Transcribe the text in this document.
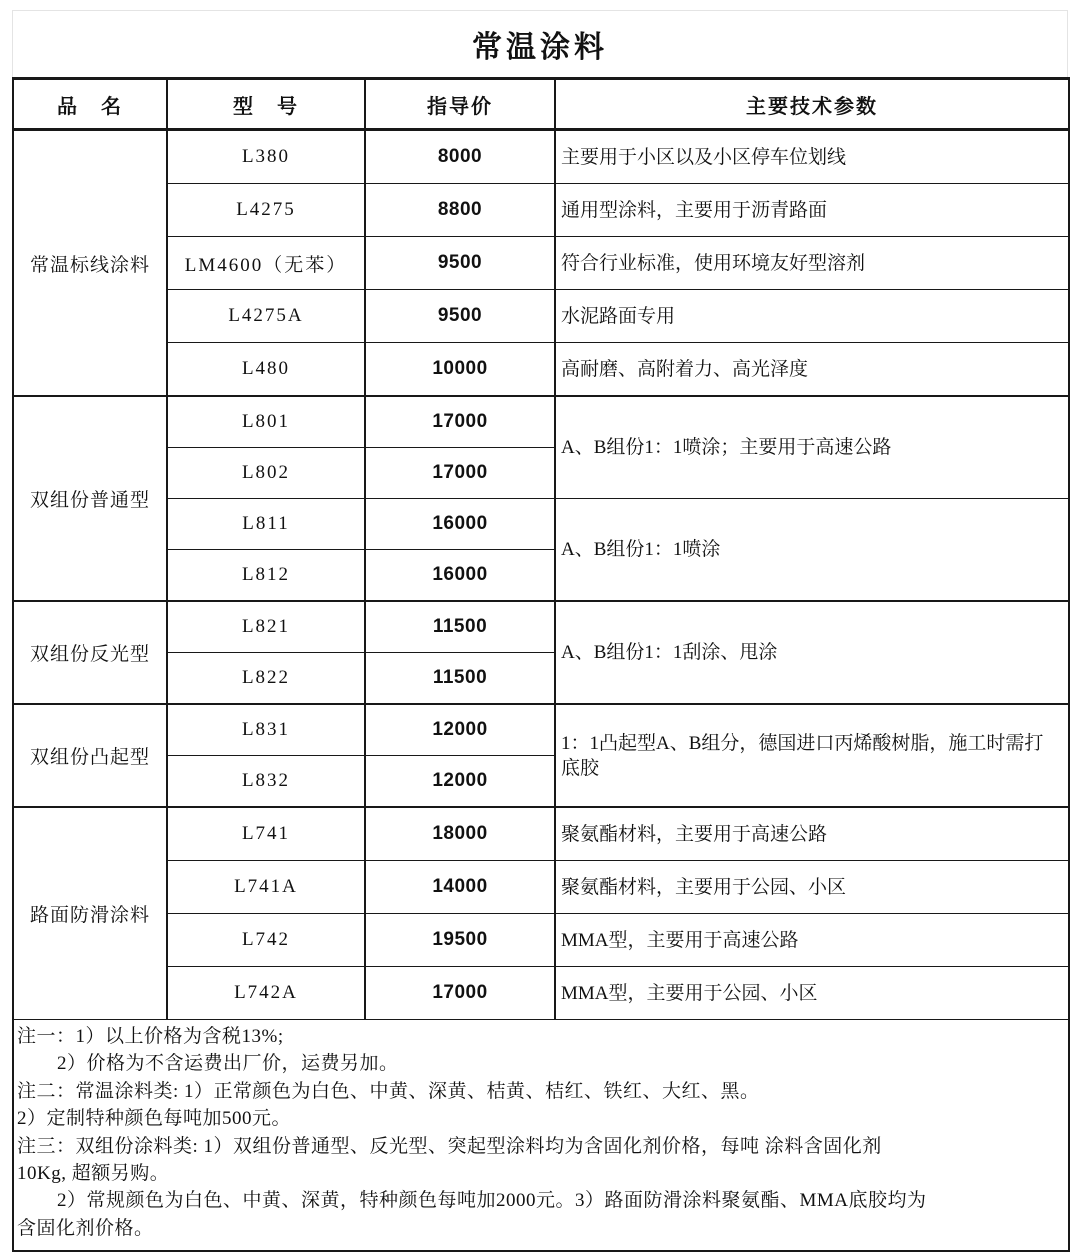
常温涂料
品　名	型　号	指导价	主要技术参数
常温标线涂料	L380	8000	主要用于小区以及小区停车位划线
	L4275	8800	通用型涂料，主要用于沥青路面
	LM4600（无苯）	9500	符合行业标准，使用环境友好型溶剂
	L4275A	9500	水泥路面专用
	L480	10000	高耐磨、高附着力、高光泽度
双组份普通型	L801	17000	A、B组份1：1喷涂；主要用于高速公路
	L802	17000	
	L811	16000	A、B组份1：1喷涂
	L812	16000	
双组份反光型	L821	11500	A、B组份1：1刮涂、甩涂
	L822	11500	
双组份凸起型	L831	12000	1：1凸起型A、B组分，德国进口丙烯酸树脂，施工时需打底胶
	L832	12000	
路面防滑涂料	L741	18000	聚氨酯材料，主要用于高速公路
	L741A	14000	聚氨酯材料，主要用于公园、小区
	L742	19500	MMA型，主要用于高速公路
	L742A	17000	MMA型，主要用于公园、小区

注一：1）以上价格为含税13%;
2）价格为不含运费出厂价，运费另加。
注二：常温涂料类: 1）正常颜色为白色、中黄、深黄、桔黄、桔红、铁红、大红、黑。
2）定制特种颜色每吨加500元。
注三：双组份涂料类: 1）双组份普通型、反光型、突起型涂料均为含固化剂价格，每吨 涂料含固化剂
10Kg, 超额另购。
2）常规颜色为白色、中黄、深黄，特种颜色每吨加2000元。3）路面防滑涂料聚氨酯、MMA底胶均为
含固化剂价格。
